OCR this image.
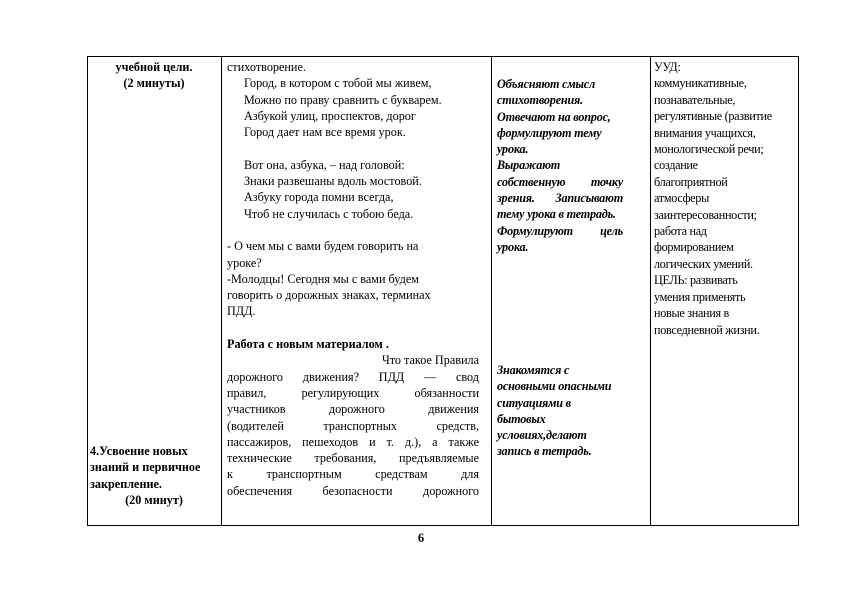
учебной цели.
(2 минуты)
4.Усвоение новых
знаний и первичное
закрепление.
(20 минут)
стихотворение.
Город, в котором с тобой мы живем,
Можно по праву сравнить с букварем.
Азбукой улиц, проспектов, дорог
Город дает нам все время урок.
Вот она, азбука, – над головой:
Знаки развешаны вдоль мостовой.
Азбуку города помни всегда,
Чтоб не случилась с тобою беда.
- О чем мы с вами будем говорить на
уроке?
-Молодцы! Сегодня мы с вами будем
говорить о дорожных знаках, терминах
ПДД.
Работа с новым материалом .
Что такое Правила
дорожного движения? ПДД — свод
правил, регулирующих обязанности
участников дорожного движения
(водителей транспортных средств,
пассажиров, пешеходов и т. д.), а также
технические требования, предъявляемые
к транспортным средствам для
обеспечения безопасности дорожного
Объясняют смысл
стихотворения.
Отвечают на вопрос,
формулируют тему
урока.
Выражают
собственную точку
зрения. Записывают
тему урока в тетрадь.
Формулируют цель
урока.
Знакомятся с
основными опасными
ситуациями в
бытовых
условиях,делают
запись в тетрадь.
УУД:
коммуникативные,
познавательные,
регулятивные (развитие
внимания учащихся,
монологической речи;
создание
благоприятной
атмосферы
заинтересованности;
работа над
формированием
логических умений.
ЦЕЛЬ: развивать
умения применять
новые знания в
повседневной жизни.
6
